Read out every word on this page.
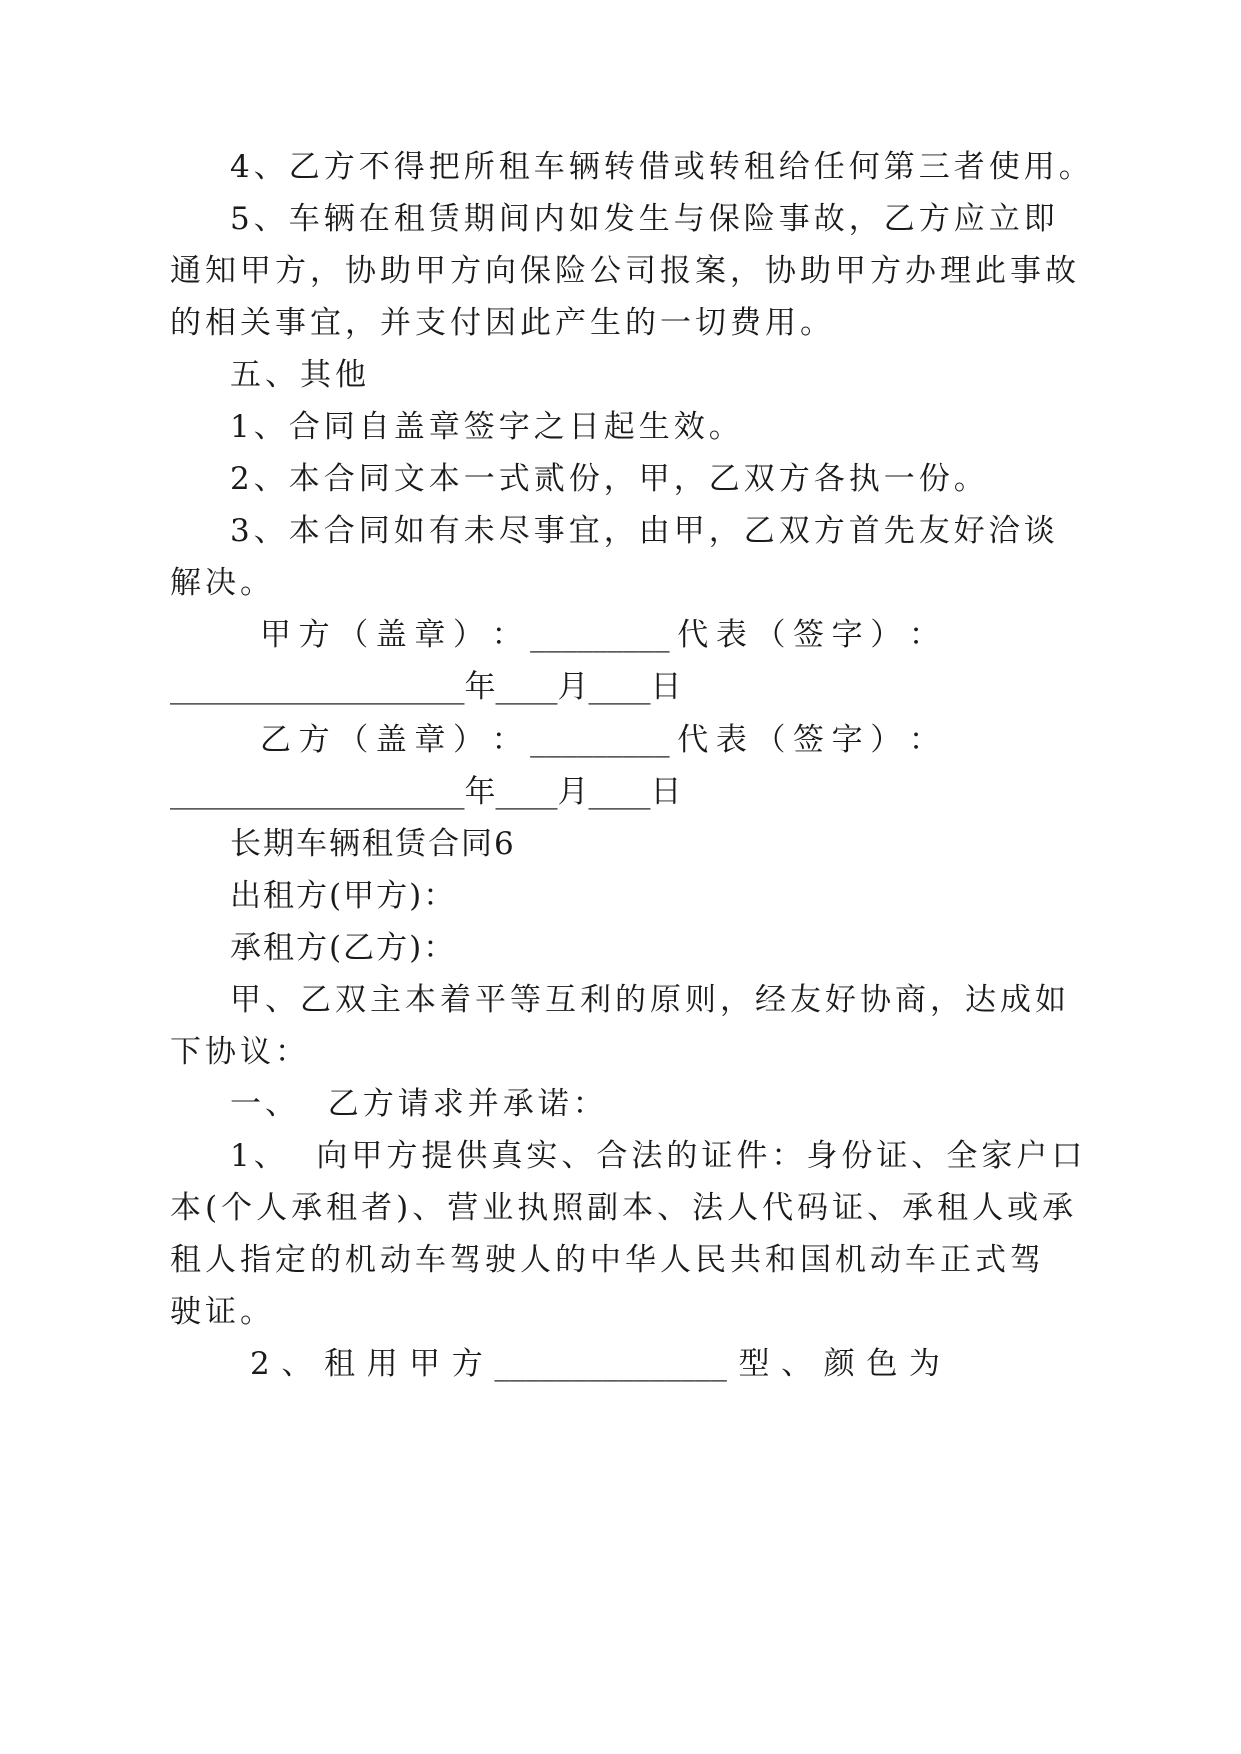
4、乙方不得把所租车辆转借或转租给任何第三者使用。
5、车辆在租赁期间内如发生与保险事故，乙方应立即
通知甲方，协助甲方向保险公司报案，协助甲方办理此事故
的相关事宜，并支付因此产生的一切费用。
五、其他
1、合同自盖章签字之日起生效。
2、本合同文本一式贰份，甲，乙双方各执一份。
3、本合同如有未尽事宜，由甲，乙双方首先友好洽谈
解决。
甲 方 （ 盖 章 ） ： _________ 代 表 （ 签 字 ） ：
___________________年____月____日
乙 方 （ 盖 章 ） ： _________ 代 表 （ 签 字 ） ：
___________________年____月____日
长期车辆租赁合同6
出租方(甲方)：
承租方(乙方)：
甲、乙双主本着平等互利的原则，经友好协商，达成如
下协议：
一、  乙方请求并承诺：
1、  向甲方提供真实、合法的证件：身份证、全家户口
本(个人承租者)、营业执照副本、法人代码证、承租人或承
租人指定的机动车驾驶人的中华人民共和国机动车正式驾
驶证。
2 、 租 用 甲 方 _______________ 型 、 颜 色 为
